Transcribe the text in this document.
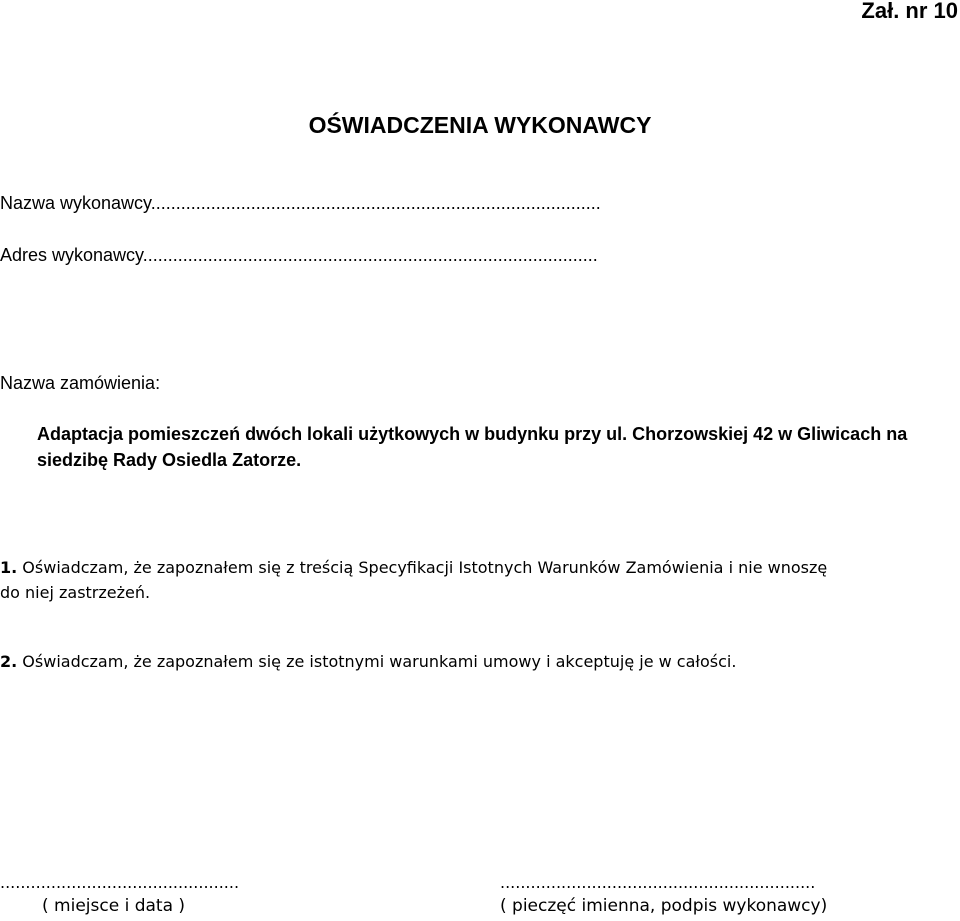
Zał. nr 10
OŚWIADCZENIA WYKONAWCY
Nazwa wykonawcy..........................................................................................
Adres wykonawcy...........................................................................................
Nazwa zamówienia:
Adaptacja pomieszczeń dwóch lokali użytkowych w budynku przy ul. Chorzowskiej 42 w Gliwicach na siedzibę Rady Osiedla Zatorze.
1. Oświadczam, że zapoznałem się z treścią Specyfikacji Istotnych Warunków Zamówienia i nie wnoszę
do niej zastrzeżeń.
2. Oświadczam, że zapoznałem się ze istotnymi warunkami umowy i akceptuję je w całości.
...............................................	..............................................................
( miejsce i data )	( pieczęć imienna, podpis wykonawcy)
